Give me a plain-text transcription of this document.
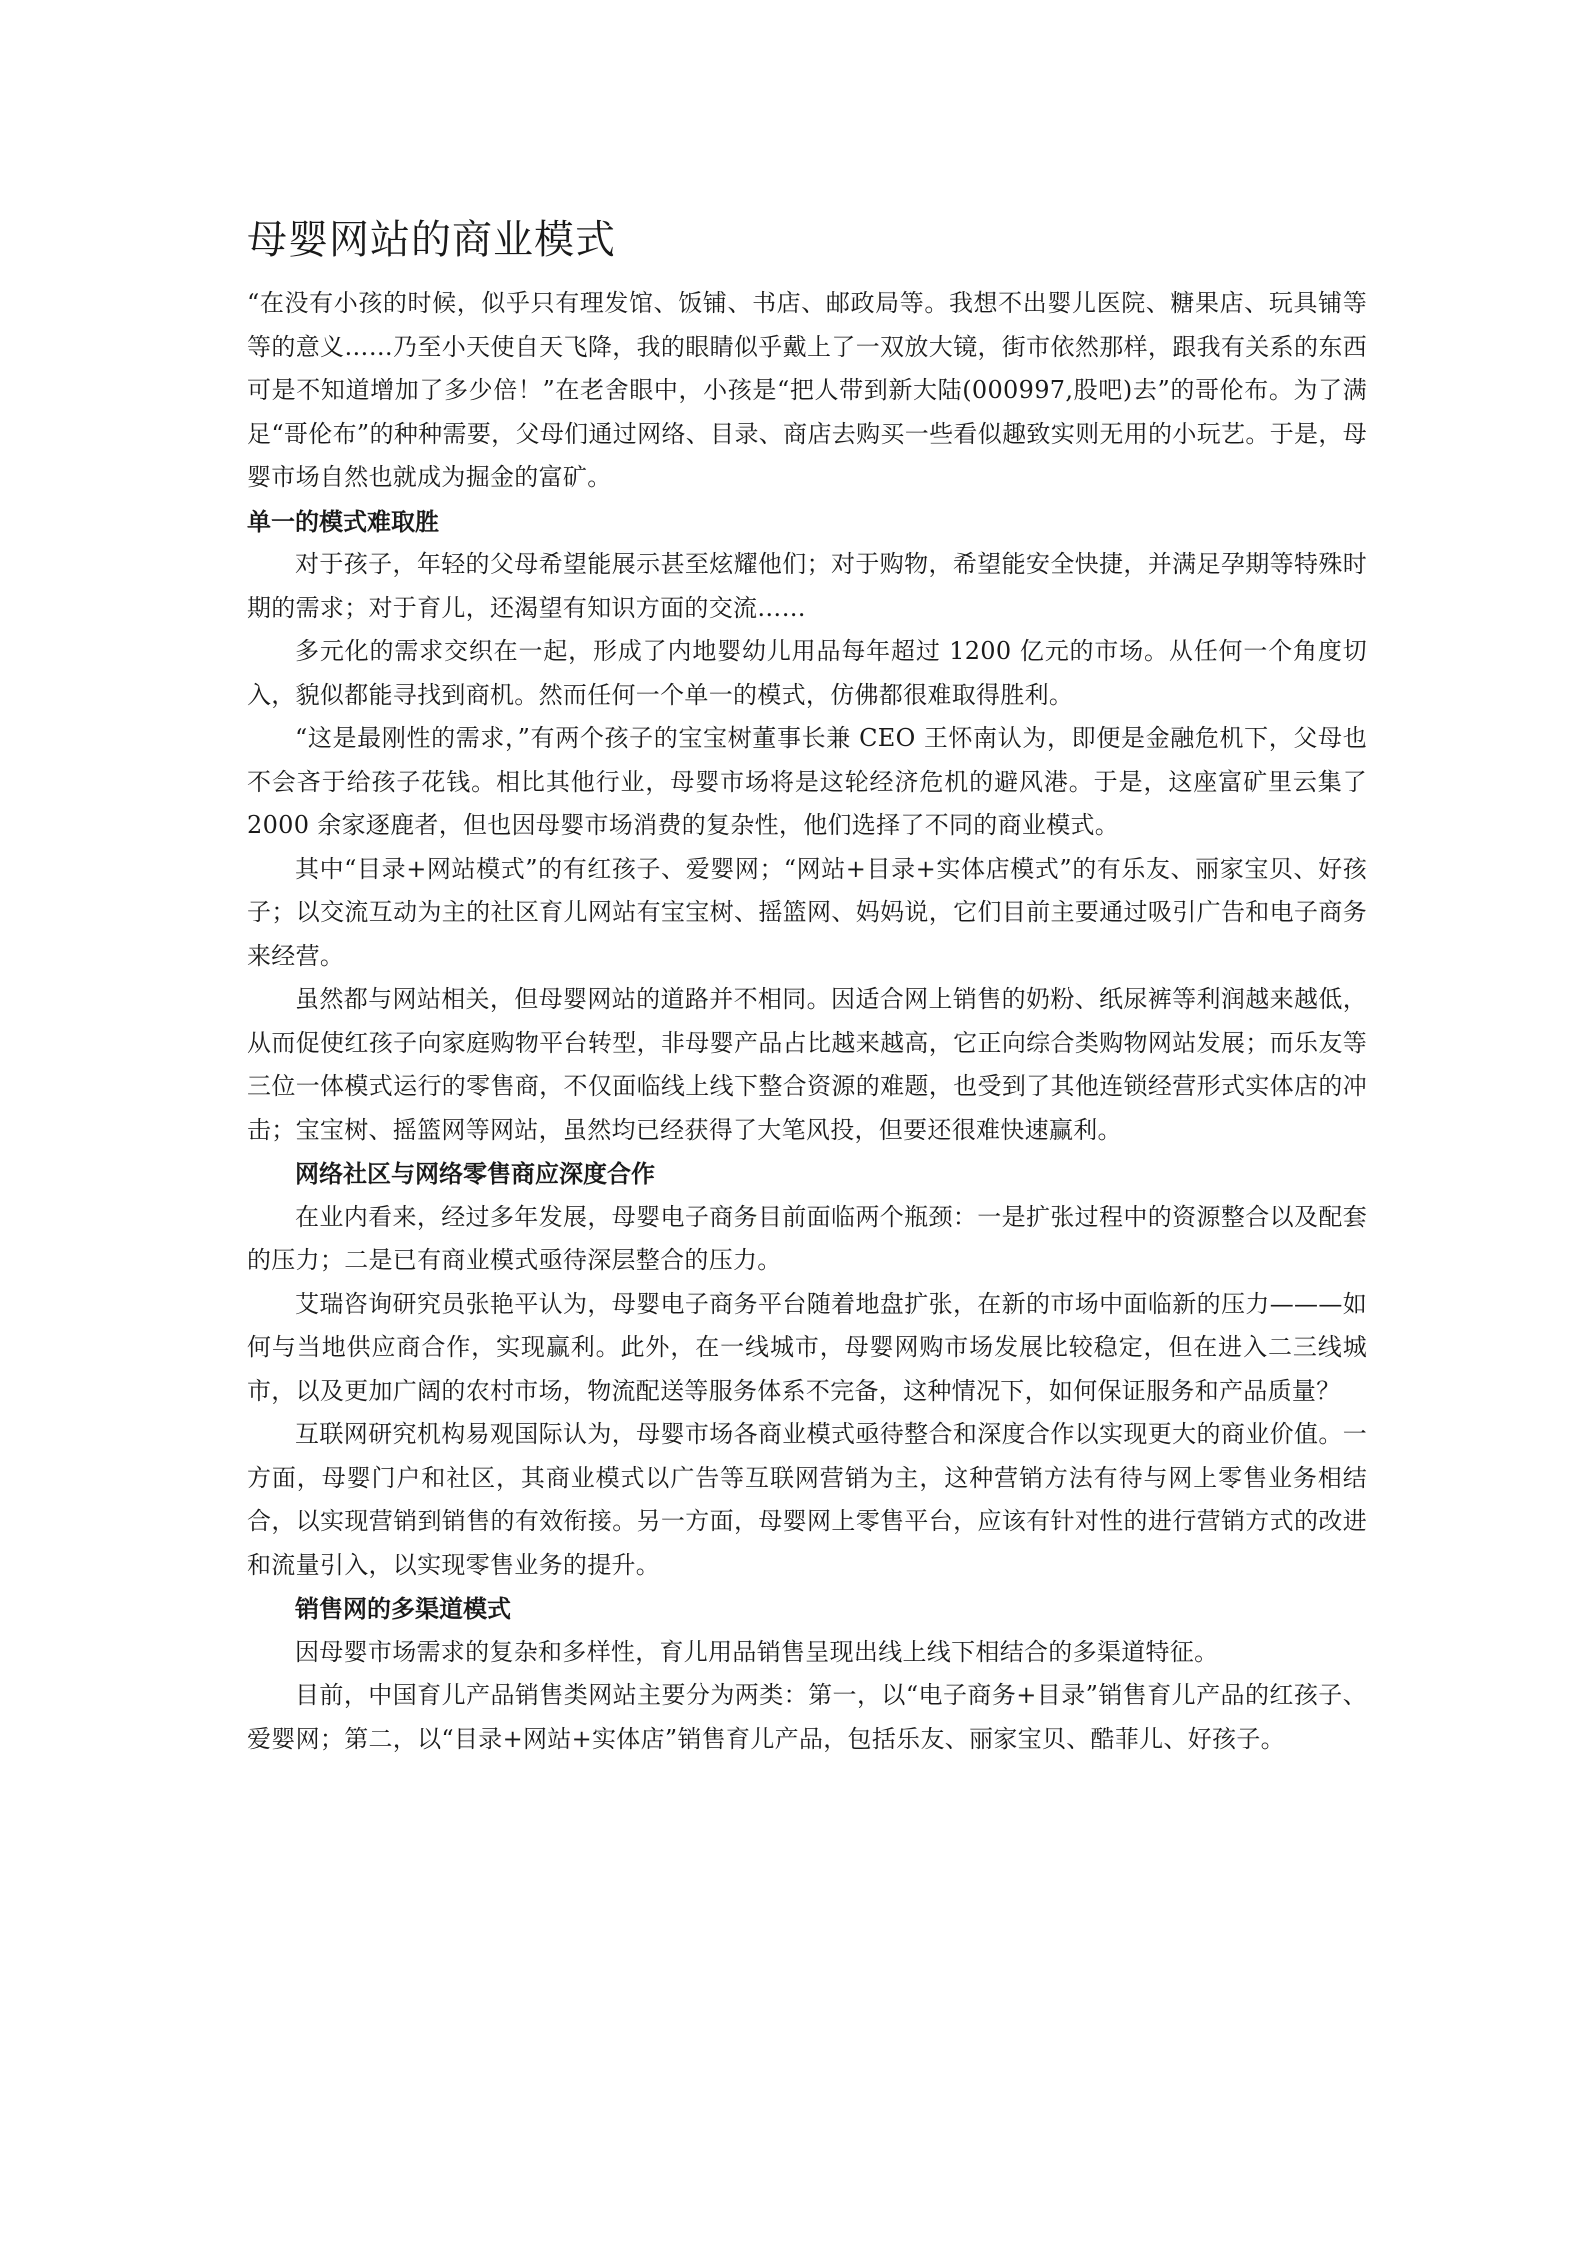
母婴网站的商业模式

“在没有小孩的时候，似乎只有理发馆、饭铺、书店、邮政局等。我想不出婴儿医院、糖果店、玩具铺等等的意义……乃至小天使自天飞降，我的眼睛似乎戴上了一双放大镜，街市依然那样，跟我有关系的东西可是不知道增加了多少倍！”在老舍眼中，小孩是“把人带到新大陆(000997,股吧)去”的哥伦布。为了满足“哥伦布”的种种需要，父母们通过网络、目录、商店去购买一些看似趣致实则无用的小玩艺。于是，母婴市场自然也就成为掘金的富矿。

单一的模式难取胜

对于孩子，年轻的父母希望能展示甚至炫耀他们；对于购物，希望能安全快捷，并满足孕期等特殊时期的需求；对于育儿，还渴望有知识方面的交流……

多元化的需求交织在一起，形成了内地婴幼儿用品每年超过 1200 亿元的市场。从任何一个角度切入，貌似都能寻找到商机。然而任何一个单一的模式，仿佛都很难取得胜利。

“这是最刚性的需求，”有两个孩子的宝宝树董事长兼 CEO 王怀南认为，即便是金融危机下，父母也不会吝于给孩子花钱。相比其他行业，母婴市场将是这轮经济危机的避风港。于是，这座富矿里云集了 2000 余家逐鹿者，但也因母婴市场消费的复杂性，他们选择了不同的商业模式。

其中“目录+网站模式”的有红孩子、爱婴网；“网站+目录+实体店模式”的有乐友、丽家宝贝、好孩子；以交流互动为主的社区育儿网站有宝宝树、摇篮网、妈妈说，它们目前主要通过吸引广告和电子商务来经营。

虽然都与网站相关，但母婴网站的道路并不相同。因适合网上销售的奶粉、纸尿裤等利润越来越低，从而促使红孩子向家庭购物平台转型，非母婴产品占比越来越高，它正向综合类购物网站发展；而乐友等三位一体模式运行的零售商，不仅面临线上线下整合资源的难题，也受到了其他连锁经营形式实体店的冲击；宝宝树、摇篮网等网站，虽然均已经获得了大笔风投，但要还很难快速赢利。

网络社区与网络零售商应深度合作

在业内看来，经过多年发展，母婴电子商务目前面临两个瓶颈：一是扩张过程中的资源整合以及配套的压力；二是已有商业模式亟待深层整合的压力。

艾瑞咨询研究员张艳平认为，母婴电子商务平台随着地盘扩张，在新的市场中面临新的压力———如何与当地供应商合作，实现赢利。此外，在一线城市，母婴网购市场发展比较稳定，但在进入二三线城市，以及更加广阔的农村市场，物流配送等服务体系不完备，这种情况下，如何保证服务和产品质量？

互联网研究机构易观国际认为，母婴市场各商业模式亟待整合和深度合作以实现更大的商业价值。一方面，母婴门户和社区，其商业模式以广告等互联网营销为主，这种营销方法有待与网上零售业务相结合，以实现营销到销售的有效衔接。另一方面，母婴网上零售平台，应该有针对性的进行营销方式的改进和流量引入，以实现零售业务的提升。

销售网的多渠道模式

因母婴市场需求的复杂和多样性，育儿用品销售呈现出线上线下相结合的多渠道特征。

目前，中国育儿产品销售类网站主要分为两类：第一，以“电子商务+目录”销售育儿产品的红孩子、爱婴网；第二，以“目录+网站+实体店”销售育儿产品，包括乐友、丽家宝贝、酷菲儿、好孩子。
